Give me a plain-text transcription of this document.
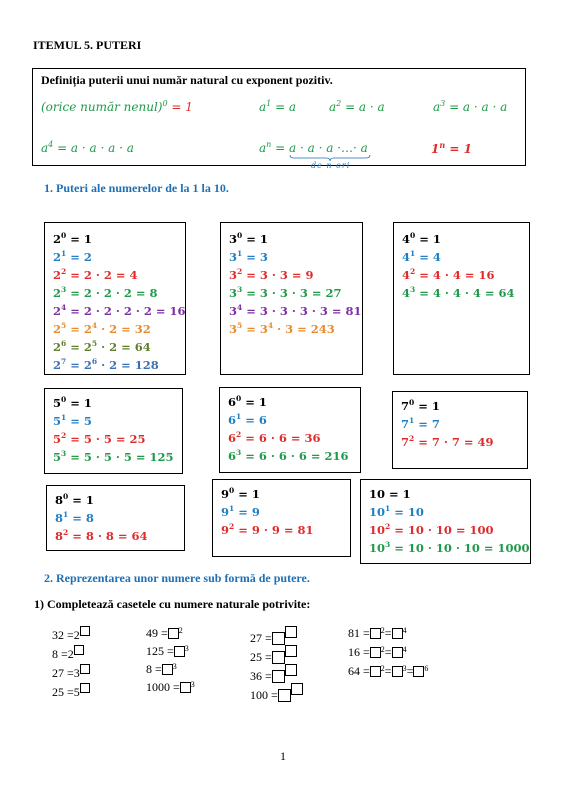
ITEMUL 5. PUTERI
Definiția puterii unui număr natural cu exponent pozitiv.
(orice număr nenul)$^0$ = 1	$a^1 = a$	$a^2 = a \cdot a$	$a^3 = a \cdot a \cdot a$
$a^4 = a \cdot a \cdot a \cdot a$	$a^n = a \cdot a \cdot a$ ·…· a
de n ori
$1^n = 1$
1. Puteri ale numerelor de la 1 la 10.
$2^0 = 1$
$2^1 = 2$
$2^2 = 2 \cdot 2 = 4$
$2^3 = 2 \cdot 2 \cdot 2 = 8$
$2^4 = 2 \cdot 2 \cdot 2 \cdot 2 = 16$
$2^5 = 2^4 \cdot 2 = 32$
$2^6 = 2^5 \cdot 2 = 64$
$2^7 = 2^6 \cdot 2 = 128$
$3^0 = 1$
$3^1 = 3$
$3^2 = 3 \cdot 3 = 9$
$3^3 = 3 \cdot 3 \cdot 3 = 27$
$3^4 = 3 \cdot 3 \cdot 3 \cdot 3 = 81$
$3^5 = 3^4 \cdot 3 = 243$
$4^0 = 1$
$4^1 = 4$
$4^2 = 4 \cdot 4 = 16$
$4^3 = 4 \cdot 4 \cdot 4 = 64$
$5^0 = 1$
$5^1 = 5$
$5^2 = 5 \cdot 5 = 25$
$5^3 = 5 \cdot 5 \cdot 5 = 125$
$6^0 = 1$
$6^1 = 6$
$6^2 = 6 \cdot 6 = 36$
$6^3 = 6 \cdot 6 \cdot 6 = 216$
$7^0 = 1$
$7^1 = 7$
$7^2 = 7 \cdot 7 = 49$
$8^0 = 1$
$8^1 = 8$
$8^2 = 8 \cdot 8 = 64$
$9^0 = 1$
$9^1 = 9$
$9^2 = 9 \cdot 9 = 81$
10 = 1
$10^1 = 10$
$10^2 = 10 \cdot 10 = 100$
$10^3 = 10 \cdot 10 \cdot 10 = 1000$
2. Reprezentarea unor numere sub formă de putere.
1) Completează casetele cu numere naturale potrivite:
32 = 2
8 = 2
27 = 3
25 = 5
49 = 2
125 = 3
8 = 3
1000 = 3
27 =
25 =
36 =
100 =
81 = 2 = 4
16 = 2 = 4
64 = 2 = 3 = 6
1
